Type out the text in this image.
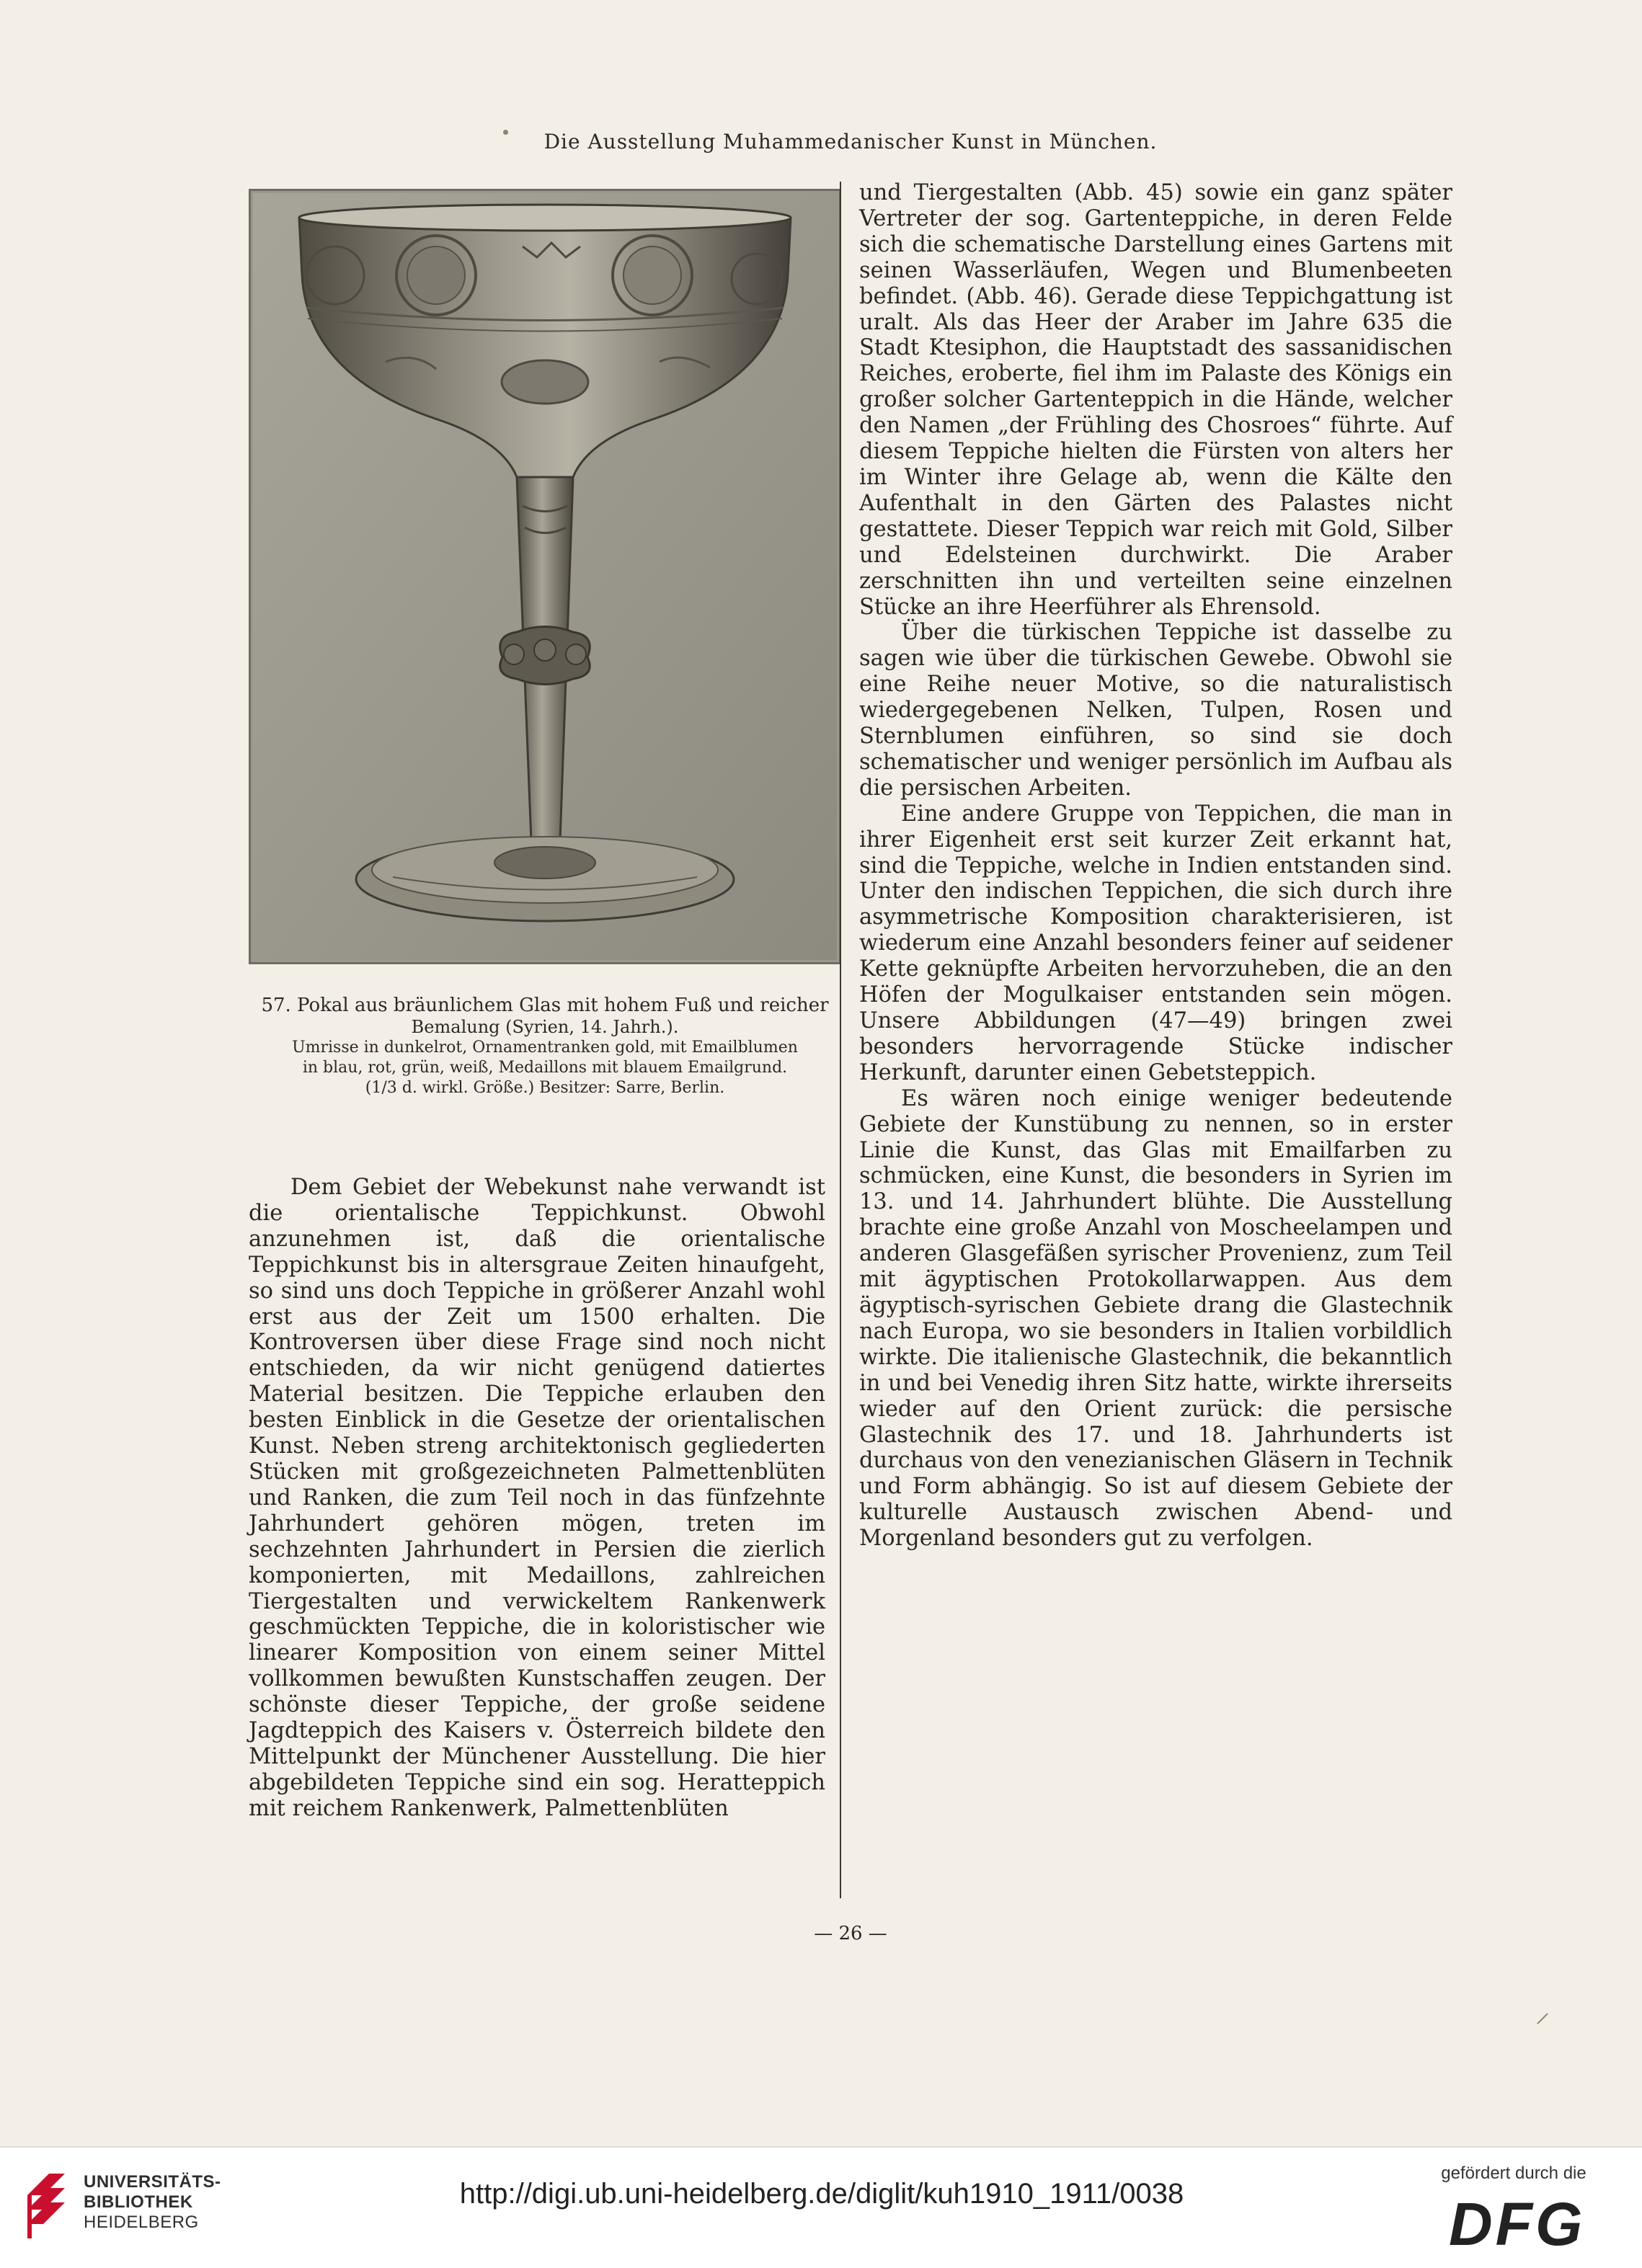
Die Ausstellung Muhammedanischer Kunst in München.
57. Pokal aus bräunlichem Glas mit hohem Fuß und reicher
Bemalung (Syrien, 14. Jahrh.).
Umrisse in dunkelrot, Ornamentranken gold, mit Emailblumen
in blau, rot, grün, weiß, Medaillons mit blauem Emailgrund.
(1/3 d. wirkl. Größe.) Besitzer: Sarre, Berlin.

Dem Gebiet der Webekunst nahe verwandt ist die orientalische Teppichkunst. Obwohl anzunehmen ist, daß die orientalische Teppichkunst bis in altersgraue Zeiten hinaufgeht, so sind uns doch Teppiche in größerer Anzahl wohl erst aus der Zeit um 1500 erhalten. Die Kontroversen über diese Frage sind noch nicht entschieden, da wir nicht genügend datiertes Material besitzen. Die Teppiche erlauben den besten Einblick in die Gesetze der orientalischen Kunst. Neben streng architektonisch gegliederten Stücken mit großgezeichneten Palmettenblüten und Ranken, die zum Teil noch in das fünfzehnte Jahrhundert gehören mögen, treten im sechzehnten Jahrhundert in Persien die zierlich komponierten, mit Medaillons, zahlreichen Tiergestalten und verwickeltem Rankenwerk geschmückten Teppiche, die in koloristischer wie linearer Komposition von einem seiner Mittel vollkommen bewußten Kunstschaffen zeugen. Der schönste dieser Teppiche, der große seidene Jagdteppich des Kaisers v. Österreich bildete den Mittelpunkt der Münchener Ausstellung. Die hier abgebildeten Teppiche sind ein sog. Heratteppich mit reichem Rankenwerk, Palmettenblüten

und Tiergestalten (Abb. 45) sowie ein ganz später Vertreter der sog. Gartenteppiche, in deren Felde sich die schematische Darstellung eines Gartens mit seinen Wasserläufen, Wegen und Blumenbeeten befindet. (Abb. 46). Gerade diese Teppichgattung ist uralt. Als das Heer der Araber im Jahre 635 die Stadt Ktesiphon, die Hauptstadt des sassanidischen Reiches, eroberte, fiel ihm im Palaste des Königs ein großer solcher Gartenteppich in die Hände, welcher den Namen „der Frühling des Chosroes“ führte. Auf diesem Teppiche hielten die Fürsten von alters her im Winter ihre Gelage ab, wenn die Kälte den Aufenthalt in den Gärten des Palastes nicht gestattete. Dieser Teppich war reich mit Gold, Silber und Edelsteinen durchwirkt. Die Araber zerschnitten ihn und verteilten seine einzelnen Stücke an ihre Heerführer als Ehrensold.

Über die türkischen Teppiche ist dasselbe zu sagen wie über die türkischen Gewebe. Obwohl sie eine Reihe neuer Motive, so die naturalistisch wiedergegebenen Nelken, Tulpen, Rosen und Sternblumen einführen, so sind sie doch schematischer und weniger persönlich im Aufbau als die persischen Arbeiten.

Eine andere Gruppe von Teppichen, die man in ihrer Eigenheit erst seit kurzer Zeit erkannt hat, sind die Teppiche, welche in Indien entstanden sind. Unter den indischen Teppichen, die sich durch ihre asymmetrische Komposition charakterisieren, ist wiederum eine Anzahl besonders feiner auf seidener Kette geknüpfte Arbeiten hervorzuheben, die an den Höfen der Mogulkaiser entstanden sein mögen. Unsere Abbildungen (47—49) bringen zwei besonders hervorragende Stücke indischer Herkunft, darunter einen Gebetsteppich.

Es wären noch einige weniger bedeutende Gebiete der Kunstübung zu nennen, so in erster Linie die Kunst, das Glas mit Emailfarben zu schmücken, eine Kunst, die besonders in Syrien im 13. und 14. Jahrhundert blühte. Die Ausstellung brachte eine große Anzahl von Moscheelampen und anderen Glasgefäßen syrischer Provenienz, zum Teil mit ägyptischen Protokollarwappen. Aus dem ägyptisch-syrischen Gebiete drang die Glastechnik nach Europa, wo sie besonders in Italien vorbildlich wirkte. Die italienische Glastechnik, die bekanntlich in und bei Venedig ihren Sitz hatte, wirkte ihrerseits wieder auf den Orient zurück: die persische Glastechnik des 17. und 18. Jahrhunderts ist durchaus von den venezianischen Gläsern in Technik und Form abhängig. So ist auf diesem Gebiete der kulturelle Austausch zwischen Abend- und Morgenland besonders gut zu verfolgen.

— 26 —
UNIVERSITÄTS-
BIBLIOTHEK
HEIDELBERG
http://digi.ub.uni-heidelberg.de/diglit/kuh1910_1911/0038
gefördert durch die
DFG
